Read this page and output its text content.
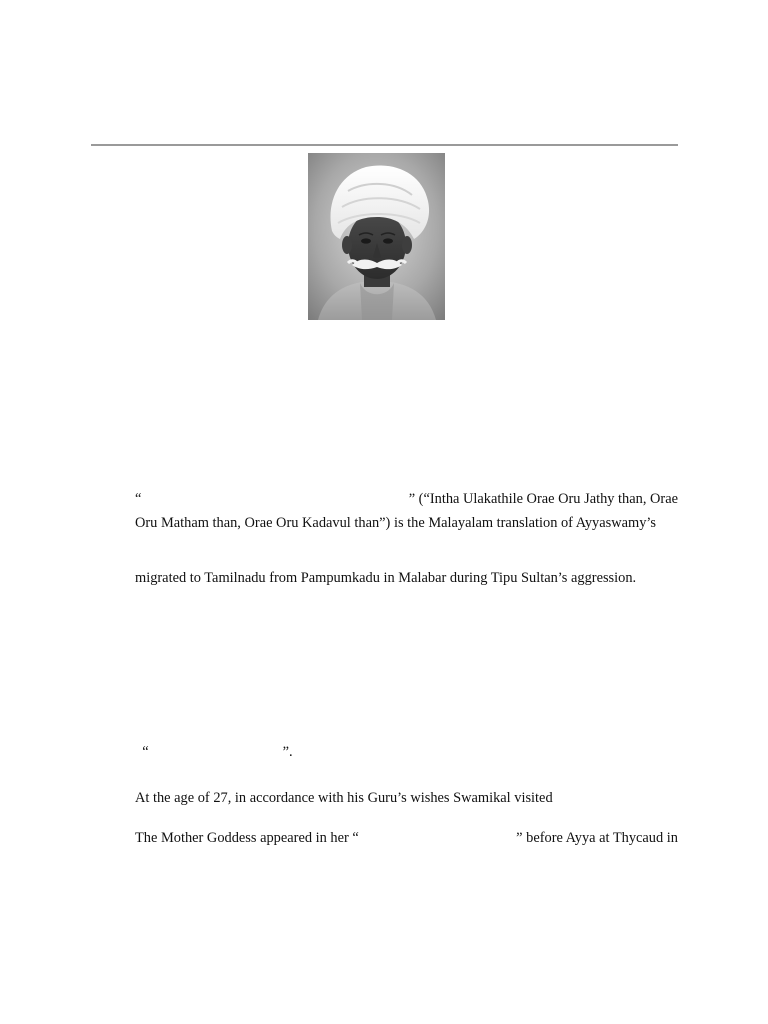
“	” (“Intha Ulakathile Orae Oru Jathy than, Orae
Oru Matham than, Orae Oru Kadavul than”) is the Malayalam translation of Ayyaswamy’s
migrated to Tamilnadu from Pampumkadu in Malabar during Tipu Sultan’s aggression.

“	”.

At the age of 27, in accordance with his Guru’s wishes Swamikal visited
The Mother Goddess appeared in her “	” before Ayya at Thycaud in
